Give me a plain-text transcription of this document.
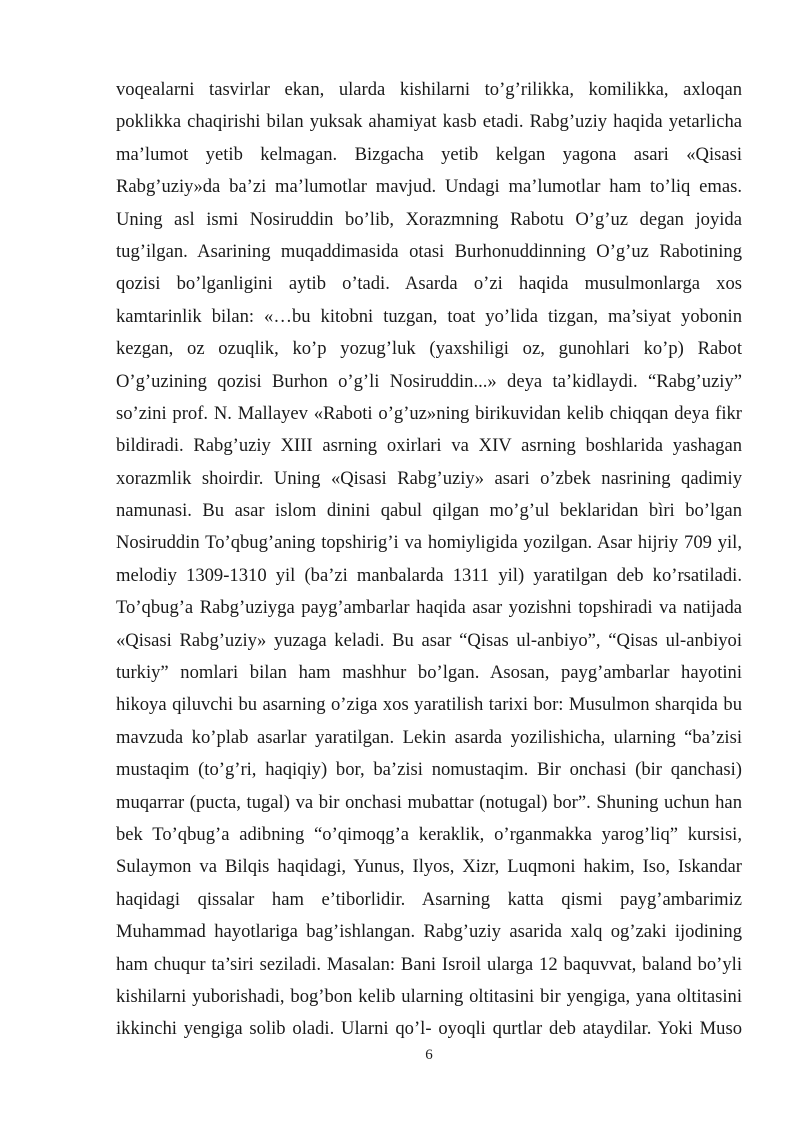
voqealarni tasvirlar ekan, ularda kishilarni to’g’rilikka, komilikka, axloqan
poklikka chaqirishi bilan yuksak ahamiyat kasb etadi. Rabg’uziy haqida yetarlicha
ma’lumot yetib kelmagan. Bizgacha yetib kelgan yagona asari «Qisasi
Rabg’uziy»da ba’zi ma’lumotlar mavjud. Undagi ma’lumotlar ham to’liq emas.
Uning asl ismi Nosiruddin bo’lib, Xorazmning Rabotu O’g’uz degan joyida
tug’ilgan. Asarining muqaddimasida otasi Burhonuddinning O’g’uz Rabotining
qozisi bo’lganligini aytib o’tadi. Asarda o’zi haqida musulmonlarga xos
kamtarinlik bilan: «…bu kitobni tuzgan, toat yo’lida tizgan, ma’siyat yobonin
kezgan, oz ozuqlik, ko’p yozug’luk (yaxshiligi oz, gunohlari ko’p) Rabot
O’g’uzining qozisi Burhon o’g’li Nosiruddin...» deya ta’kidlaydi. “Rabg’uziy”
so’zini prof. N. Mallayev «Raboti o’g’uz»ning birikuvidan kelib chiqqan deya fikr
bildiradi. Rabg’uziy XIII asrning oxirlari va XIV asrning boshlarida yashagan
xorazmlik shoirdir. Uning «Qisasi Rabg’uziy» asari o’zbek nasrining qadimiy
namunasi. Bu asar islom dinini qabul qilgan mo’g’ul beklaridan bìri bo’lgan
Nosiruddin To’qbug’aning topshirig’i va homiyligida yozilgan. Asar hijriy 709 yil,
melodiy 1309-1310 yil (ba’zi manbalarda 1311 yil) yaratilgan deb ko’rsatiladi.
To’qbug’a Rabg’uziyga payg’ambarlar haqida asar yozishni topshiradi va natijada
«Qisasi Rabg’uziy» yuzaga keladi. Bu asar “Qisas ul-anbiyo”, “Qisas ul-anbiyoi
turkiy” nomlari bilan ham mashhur bo’lgan. Asosan, payg’ambarlar hayotini
hikoya qiluvchi bu asarning o’ziga xos yaratilish tarixi bor: Musulmon sharqida bu
mavzuda ko’plab asarlar yaratilgan. Lekin asarda yozilishicha, ularning “ba’zisi
mustaqim (to’g’ri, haqiqiy) bor, ba’zisi nomustaqim. Bir onchasi (bir qanchasi)
muqarrar (pucta, tugal) va bir onchasi mubattar (notugal) bor”. Shuning uchun han
bek To’qbug’a adibning “o’qimoqg’a keraklik, o’rganmakka yarog’liq” kursisi,
Sulaymon va Bilqis haqidagi, Yunus, Ilyos, Xizr, Luqmoni hakim, Iso, Iskandar
haqidagi qissalar ham e’tiborlidir. Asarning katta qismi payg’ambarimiz
Muhammad hayotlariga bag’ishlangan. Rabg’uziy asarida xalq og’zaki ijodining
ham chuqur ta’siri seziladi. Masalan: Bani Isroil ularga 12 baquvvat, baland bo’yli
kishilarni yuborishadi, bog’bon kelib ularning oltitasini bir yengiga, yana oltitasini
ikkinchi yengiga solib oladi. Ularni qo’l- oyoqli qurtlar deb ataydilar. Yoki Muso
6
